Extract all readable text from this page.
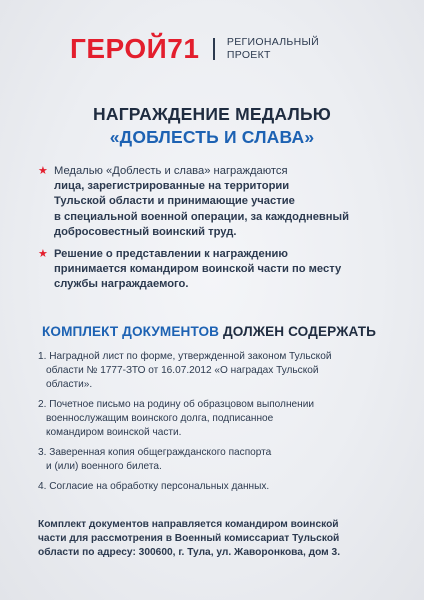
ГЕРОЙ71	РЕГИОНАЛЬНЫЙ
ПРОЕКТ
НАГРАЖДЕНИЕ МЕДАЛЬЮ
«ДОБЛЕСТЬ И СЛАВА»
★ Медалью «Доблесть и слава» награждаются
лица, зарегистрированные на территории
Тульской области и принимающие участие
в специальной военной операции, за каждодневный
добросовестный воинский труд.
★ Решение о представлении к награждению
принимается командиром воинской части по месту
службы награждаемого.
КОМПЛЕКТ ДОКУМЕНТОВ ДОЛЖЕН СОДЕРЖАТЬ
1. Наградной лист по форме, утвержденной законом Тульской
области № 1777-ЗТО от 16.07.2012 «О наградах Тульской
области».
2. Почетное письмо на родину об образцовом выполнении
военнослужащим воинского долга, подписанное
командиром воинской части.
3. Заверенная копия общегражданского паспорта
и (или) военного билета.
4. Согласие на обработку персональных данных.
Комплект документов направляется командиром воинской
части для рассмотрения в Военный комиссариат Тульской
области по адресу: 300600, г. Тула, ул. Жаворонкова, дом 3.
